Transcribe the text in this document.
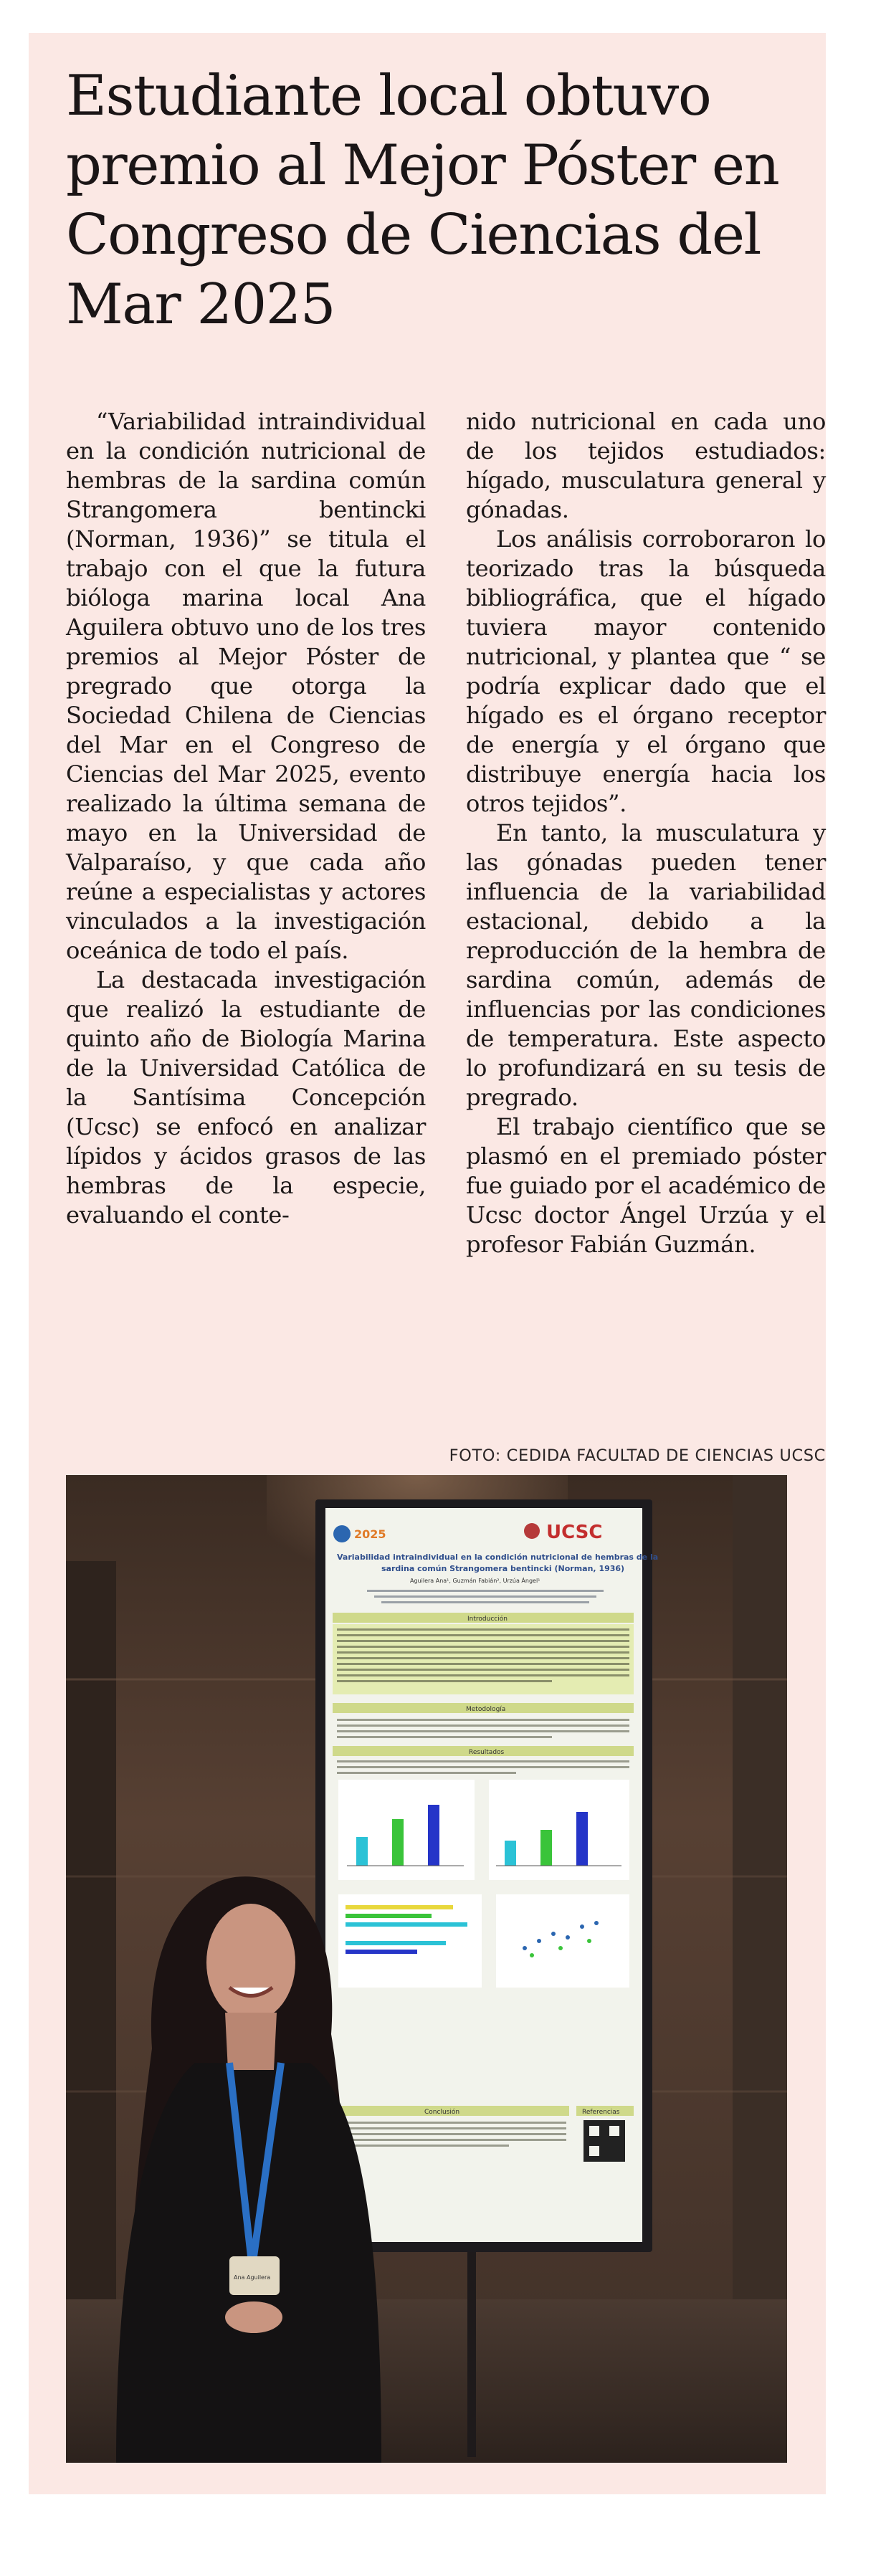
Estudiante local obtuvo premio al Mejor Póster en Congreso de Ciencias del Mar 2025

“Variabilidad intraindividual en la condición nutricional de hembras de la sardina común Strangomera bentincki (Norman, 1936)” se titula el trabajo con el que la futura bióloga marina local Ana Aguilera obtuvo uno de los tres premios al Mejor Póster de pregrado que otorga la Sociedad Chilena de Ciencias del Mar en el Congreso de Ciencias del Mar 2025, evento realizado la última semana de mayo en la Universidad de Valparaíso, y que cada año reúne a especialistas y actores vinculados a la investigación oceánica de todo el país.

La destacada investigación que realizó la estudiante de quinto año de Biología Marina de la Universidad Católica de la Santísima Concepción (Ucsc) se enfocó en analizar lípidos y ácidos grasos de las hembras de la especie, evaluando el conte-

nido nutricional en cada uno de los tejidos estudiados: hígado, musculatura general y gónadas.

Los análisis corroboraron lo teorizado tras la búsqueda bibliográfica, que el hígado tuviera mayor contenido nutricional, y plantea que “ se podría explicar dado que el hígado es el órgano receptor de energía y el órgano que distribuye energía hacia los otros tejidos”.

En tanto, la musculatura y las gónadas pueden tener influencia de la variabilidad estacional, debido a la reproducción de la hembra de sardina común, además de influencias por las condiciones de temperatura. Este aspecto lo profundizará en su tesis de pregrado.

El trabajo científico que se plasmó en el premiado póster fue guiado por el académico de Ucsc doctor Ángel Urzúa y el profesor Fabián Guzmán.

FOTO: CEDIDA FACULTAD DE CIENCIAS UCSC

2025	UCSC
Variabilidad intraindividual en la condición nutricional de hembras de la
sardina común Strangomera bentincki (Norman, 1936)
Aguilera Ana¹, Guzmán Fabián², Urzúa Ángel¹
Introducción
Metodología
Resultados
Conclusión	Referencias
Ana Aguilera
